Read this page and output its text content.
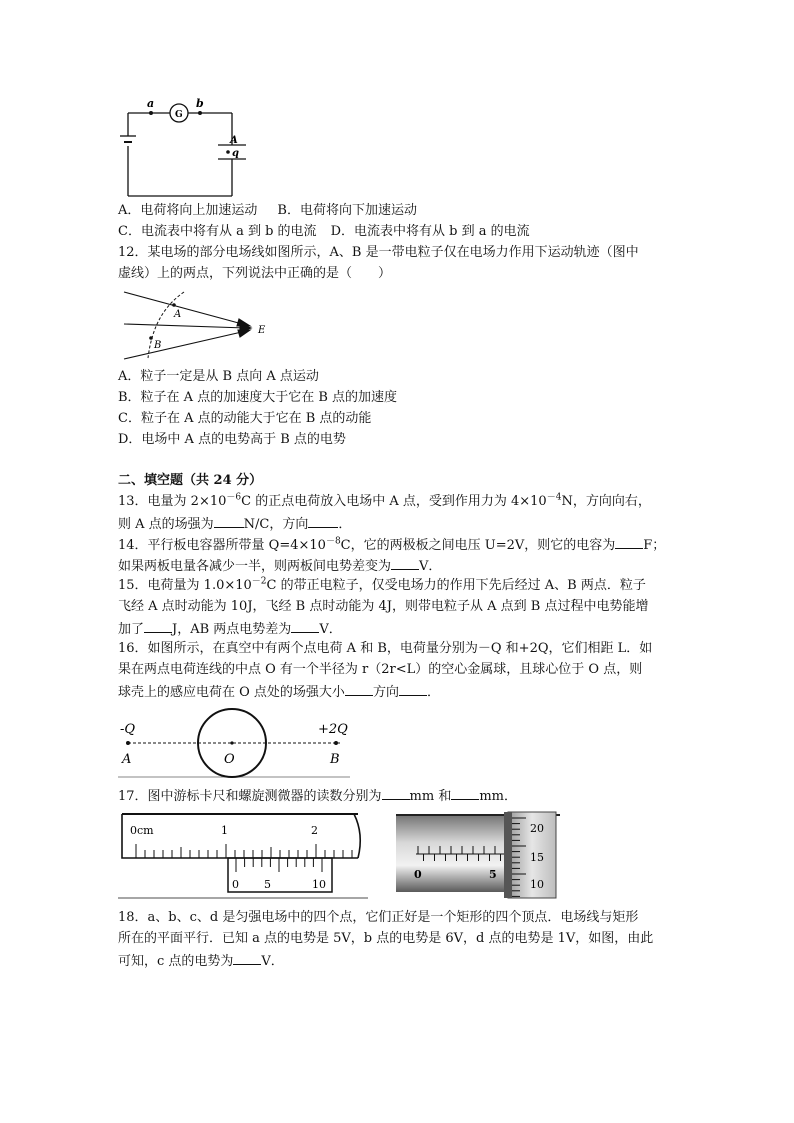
a
G
b
A
q
A．电荷将向上加速运动 B．电荷将向下加速运动
C．电流表中将有从 a 到 b 的电流 D．电流表中将有从 b 到 a 的电流
12．某电场的部分电场线如图所示，A、B 是一带电粒子仅在电场力作用下运动轨迹（图中
虚线）上的两点，下列说法中正确的是（　　）
A
B
E
A．粒子一定是从 B 点向 A 点运动
B．粒子在 A 点的加速度大于它在 B 点的加速度
C．粒子在 A 点的动能大于它在 B 点的动能
D．电场中 A 点的电势高于 B 点的电势
二、填空题（共 24 分）
13．电量为 $2\times 10^{-6}C$ 的正点电荷放入电场中 A 点，受到作用力为 $4\times 10^{-4}N$，方向向右，
则 A 点的场强为 N/C，方向 ．
14．平行板电容器所带量 $Q=4\times 10^{-8}C$，它的两极板之间电压 U=2V，则它的电容为 F；
如果两板电量各减少一半，则两板间电势差变为 V．
15．电荷量为 $1.0\times 10^{-2}C$ 的带正电粒子，仅受电场力的作用下先后经过 A、B 两点．粒子
飞经 A 点时动能为 10J，飞经 B 点时动能为 4J，则带电粒子从 A 点到 B 点过程中电势能增
加了 J，AB 两点电势差为 V．
16．如图所示，在真空中有两个点电荷 A 和 B，电荷量分别为－Q 和+2Q，它们相距 L．如
果在两点电荷连线的中点 O 有一个半径为 r（2r<L）的空心金属球，且球心位于 O 点，则
球壳上的感应电荷在 O 点处的场强大小 方向 ．
-Q	+2Q
A	O	B
17．图中游标卡尺和螺旋测微器的读数分别为 mm 和 mm．
0cm	1	2
0 5	10
0	5
20
15
10
18．a、b、c、d 是匀强电场中的四个点，它们正好是一个矩形的四个顶点．电场线与矩形
所在的平面平行．已知 a 点的电势是 5V，b 点的电势是 6V，d 点的电势是 1V，如图，由此
可知，c 点的电势为 V．
